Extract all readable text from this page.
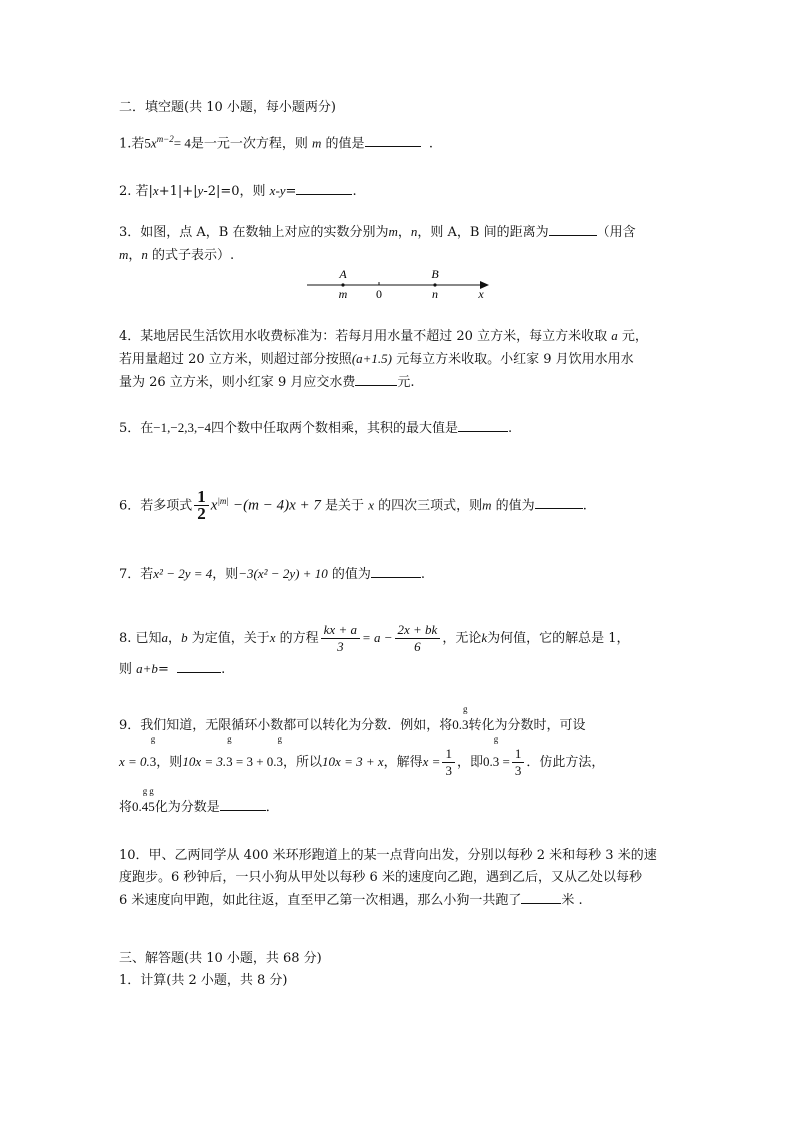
二．填空题(共 10 小题，每小题两分)
1.若$5x^{m-2}= 4$是一元一次方程，则 m 的值是	.
2. 若|x+1|+|y-2|=0，则 x-y=	.
3．如图，点 A，B 在数轴上对应的实数分别为m，n，则 A，B 间的距离为	（用含
m，n 的式子表示）.
A	B
m 0	n	x
4．某地居民生活饮用水收费标准为：若每月用水量不超过 20 立方米，每立方米收取 a 元，
若用量超过 20 立方米，则超过部分按照(a+1.5) 元每立方米收取。小红家 9 月饮用水用水
量为 26 立方米，则小红家 9 月应交水费	元.
5．在−1,−2,3,−4四个数中任取两个数相乘，其积的最大值是	.
6．若多项式 $\frac{1}{2} x^{|m|} -(m - 4)x + 7$ 是关于 x 的四次三项式，则m 的值为	.
7．若x² − 2y = 4，则−3(x² − 2y) + 10 的值为	.
8. 已知a，b 为定值，关于x 的方程 $\frac{kx + a}{3} = a - \frac{2x + bk}{6}$ ，无论k为何值，它的解总是 1，
则 a+b=	.
9．我们知道，无限循环小数都可以转化为分数．例如，将0.
g
3转化为分数时，可设
x = 0.
g
3，则10x = 3.
g
3 = 3 + 0.
g
3，所以10x = 3 + x，解得$x = \frac{1}{3}$ ，即0.
g
$3 = \frac{1}{3}$ ．仿此方法，
将0.
g
4
g
5化为分数是	．
10．甲、乙两同学从 400 米环形跑道上的某一点背向出发，分别以每秒 2 米和每秒 3 米的速
度跑步。6 秒钟后，一只小狗从甲处以每秒 6 米的速度向乙跑，遇到乙后，又从乙处以每秒
6 米速度向甲跑，如此往返，直至甲乙第一次相遇，那么小狗一共跑了	米 .
三、解答题(共 10 小题，共 68 分)
1．计算(共 2 小题，共 8 分)
